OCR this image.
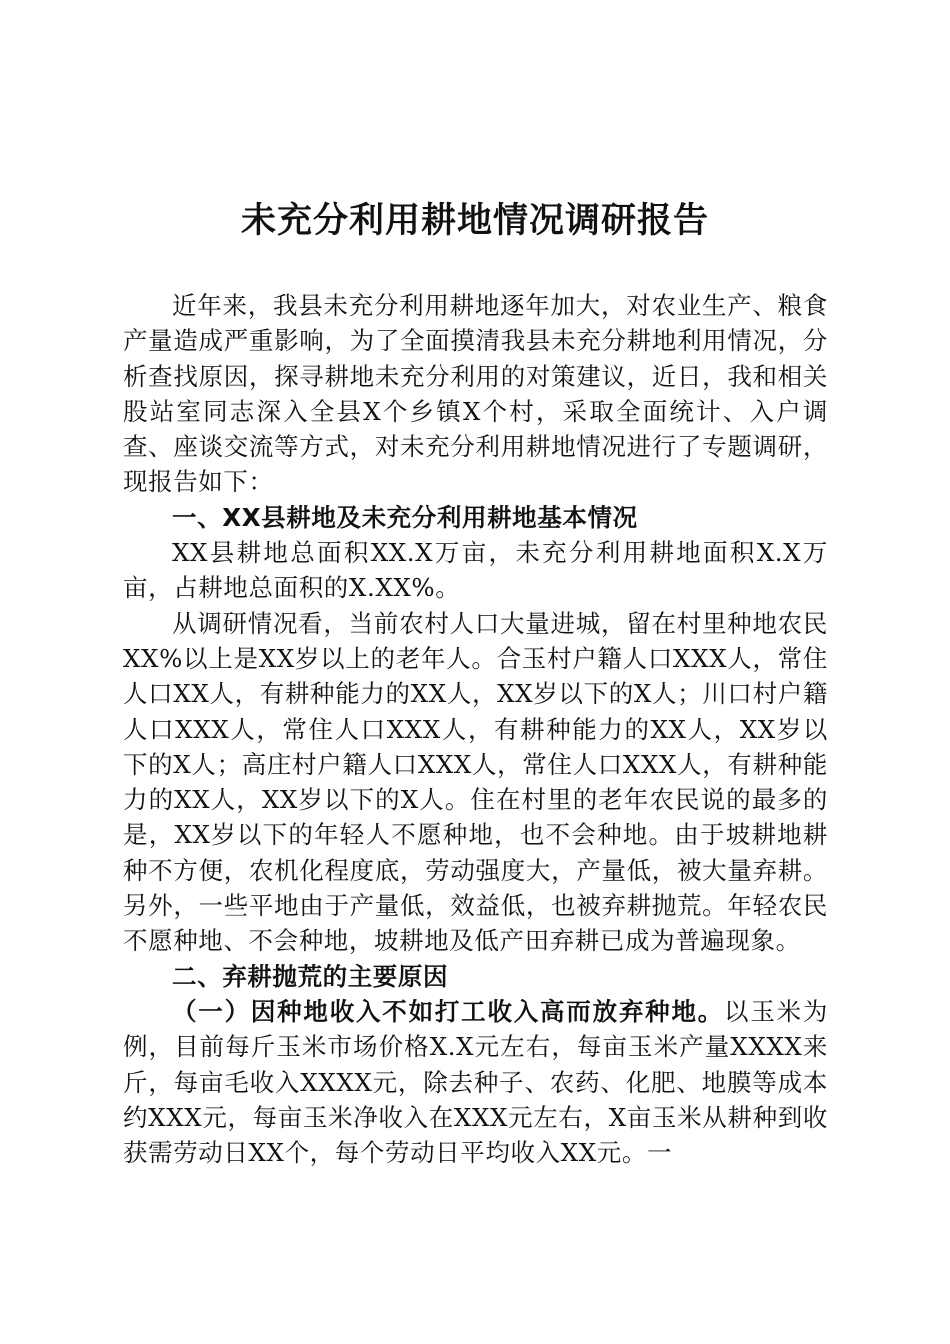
未充分利用耕地情况调研报告

近年来，我县未充分利用耕地逐年加大，对农业生产、粮食产量造成严重影响，为了全面摸清我县未充分耕地利用情况，分析查找原因，探寻耕地未充分利用的对策建议，近日，我和相关股站室同志深入全县X个乡镇X个村，采取全面统计、入户调查、座谈交流等方式，对未充分利用耕地情况进行了专题调研，现报告如下：

一、XX县耕地及未充分利用耕地基本情况

XX县耕地总面积XX.X万亩，未充分利用耕地面积X.X万亩，占耕地总面积的X.XX%。

从调研情况看，当前农村人口大量进城，留在村里种地农民XX%以上是XX岁以上的老年人。合玉村户籍人口XXX人，常住人口XX人，有耕种能力的XX人，XX岁以下的X人；川口村户籍人口XXX人，常住人口XXX人，有耕种能力的XX人，XX岁以下的X人；高庄村户籍人口XXX人，常住人口XXX人，有耕种能力的XX人，XX岁以下的X人。住在村里的老年农民说的最多的是，XX岁以下的年轻人不愿种地，也不会种地。由于坡耕地耕种不方便，农机化程度底，劳动强度大，产量低，被大量弃耕。另外，一些平地由于产量低，效益低，也被弃耕抛荒。年轻农民不愿种地、不会种地，坡耕地及低产田弃耕已成为普遍现象。

二、弃耕抛荒的主要原因

（一）因种地收入不如打工收入高而放弃种地。以玉米为例，目前每斤玉米市场价格X.X元左右，每亩玉米产量XXXX来斤，每亩毛收入XXXX元，除去种子、农药、化肥、地膜等成本约XXX元，每亩玉米净收入在XXX元左右，X亩玉米从耕种到收获需劳动日XX个，每个劳动日平均收入XX元。一
